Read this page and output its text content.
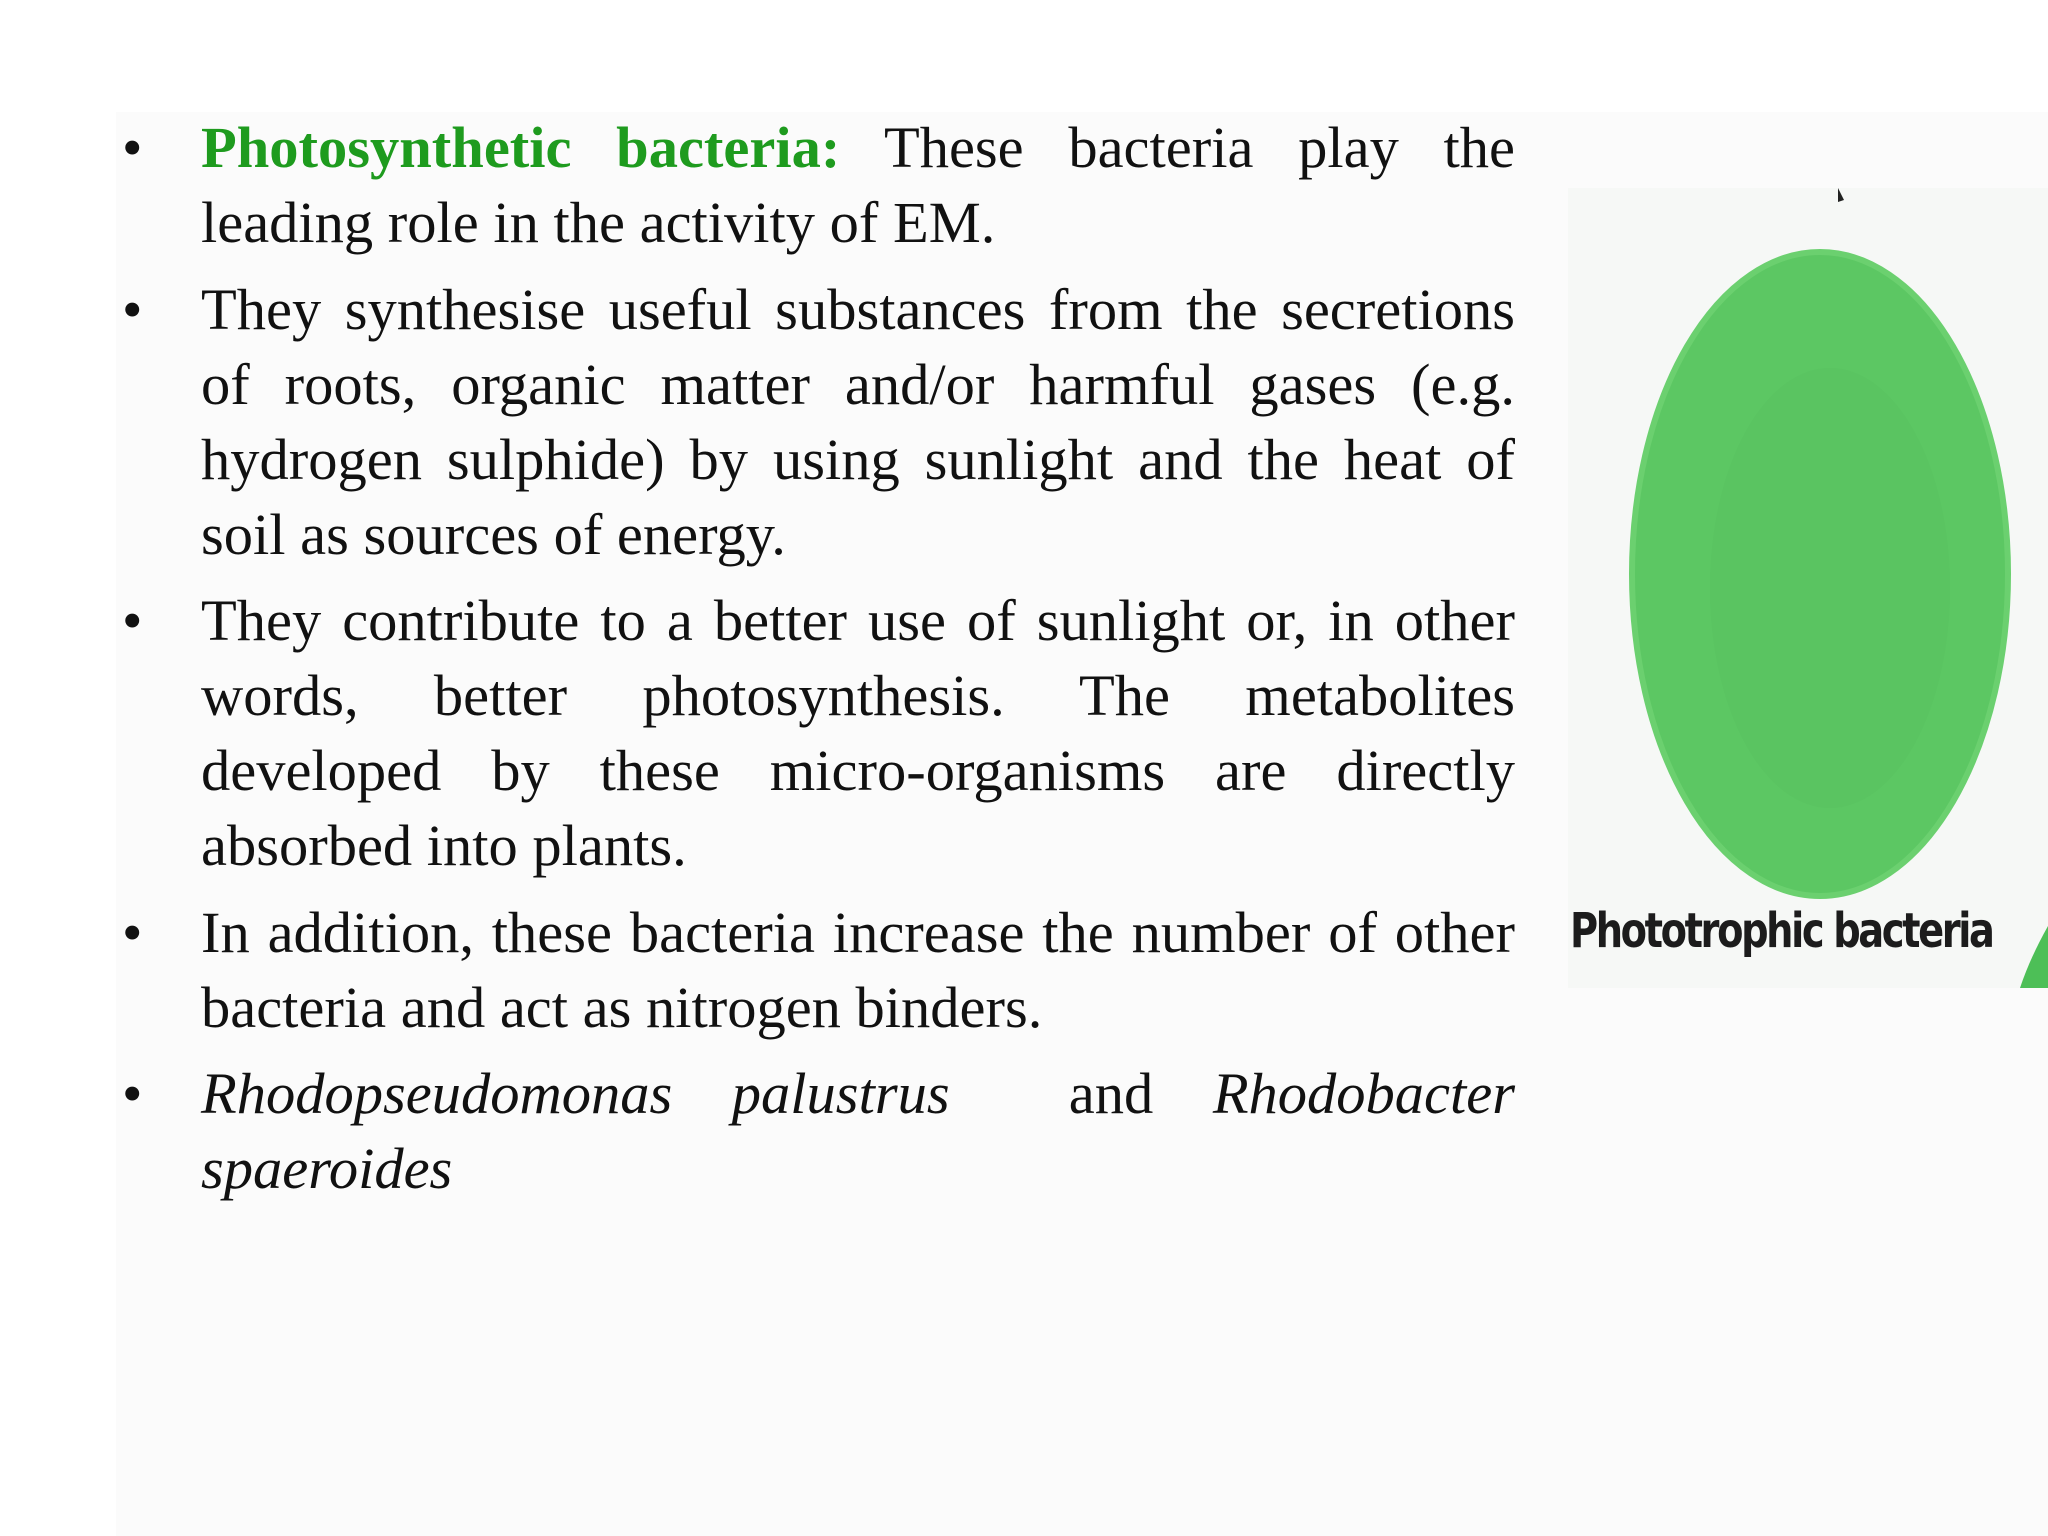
•	Photosynthetic bacteria: These bacteria play the leading role in the activity of EM.
•	They synthesise useful substances from the secretions of roots, organic matter and/or harmful gases (e.g. hydrogen sulphide) by using sunlight and the heat of soil as sources of energy.
•	They contribute to a better use of sunlight or, in other words, better photosynthesis. The metabolites developed by these micro-organisms are directly absorbed into plants.
•	In addition, these bacteria increase the number of other bacteria and act as nitrogen binders.
•	Rhodopseudomonas palustrus  and Rhodobacter spaeroides
Phototrophic bacteria
